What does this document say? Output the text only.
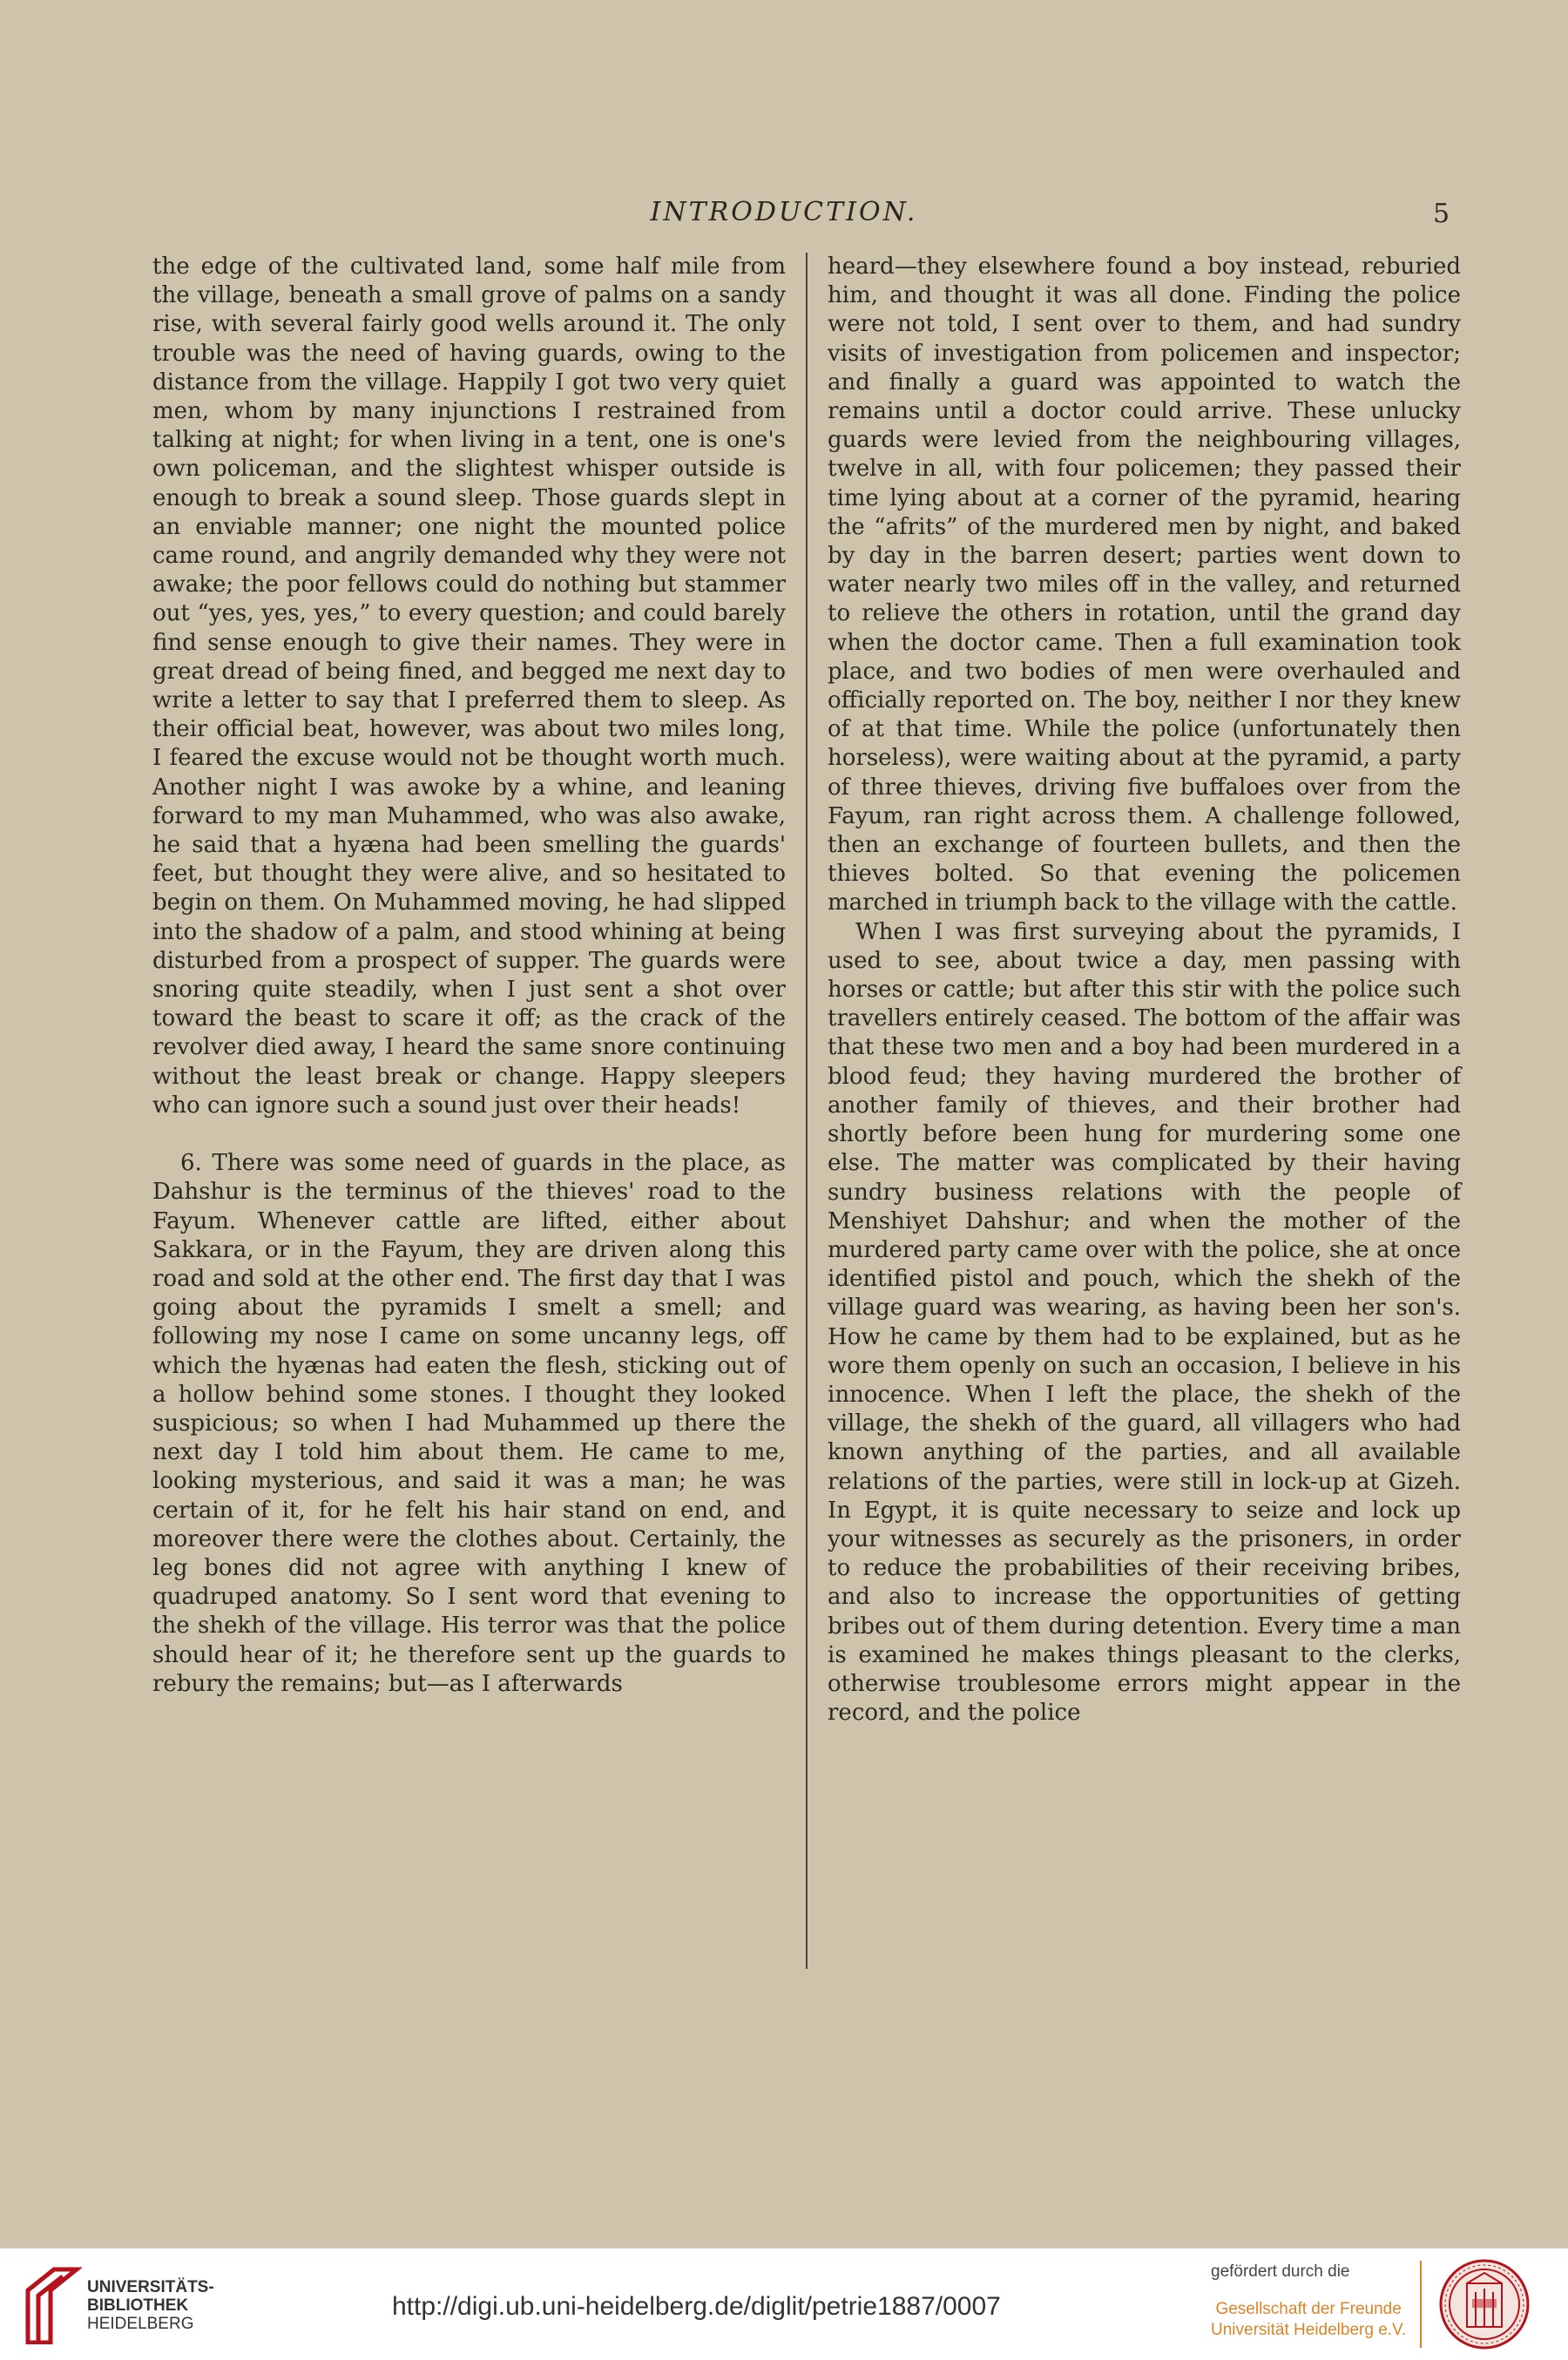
INTRODUCTION.	5

the edge of the cultivated land, some half mile from the village, beneath a small grove of palms on a sandy rise, with several fairly good wells around it. The only trouble was the need of having guards, owing to the distance from the village. Happily I got two very quiet men, whom by many injunctions I restrained from talking at night; for when living in a tent, one is one's own policeman, and the slightest whisper outside is enough to break a sound sleep. Those guards slept in an enviable manner; one night the mounted police came round, and angrily demanded why they were not awake; the poor fellows could do nothing but stammer out “yes, yes, yes,” to every question; and could barely find sense enough to give their names. They were in great dread of being fined, and begged me next day to write a letter to say that I preferred them to sleep. As their official beat, however, was about two miles long, I feared the excuse would not be thought worth much. Another night I was awoke by a whine, and leaning forward to my man Muhammed, who was also awake, he said that a hyæna had been smelling the guards' feet, but thought they were alive, and so hesitated to begin on them. On Muhammed moving, he had slipped into the shadow of a palm, and stood whining at being disturbed from a prospect of supper. The guards were snoring quite steadily, when I just sent a shot over toward the beast to scare it off; as the crack of the revolver died away, I heard the same snore continuing without the least break or change. Happy sleepers who can ignore such a sound just over their heads!

6. There was some need of guards in the place, as Dahshur is the terminus of the thieves' road to the Fayum. Whenever cattle are lifted, either about Sakkara, or in the Fayum, they are driven along this road and sold at the other end. The first day that I was going about the pyramids I smelt a smell; and following my nose I came on some uncanny legs, off which the hyænas had eaten the flesh, sticking out of a hollow behind some stones. I thought they looked suspicious; so when I had Muhammed up there the next day I told him about them. He came to me, looking mysterious, and said it was a man; he was certain of it, for he felt his hair stand on end, and moreover there were the clothes about. Certainly, the leg bones did not agree with anything I knew of quadruped anatomy. So I sent word that evening to the shekh of the village. His terror was that the police should hear of it; he therefore sent up the guards to rebury the remains; but—as I afterwards

heard—they elsewhere found a boy instead, reburied him, and thought it was all done. Finding the police were not told, I sent over to them, and had sundry visits of investigation from policemen and inspector; and finally a guard was appointed to watch the remains until a doctor could arrive. These unlucky guards were levied from the neighbouring villages, twelve in all, with four policemen; they passed their time lying about at a corner of the pyramid, hearing the “afrits” of the murdered men by night, and baked by day in the barren desert; parties went down to water nearly two miles off in the valley, and returned to relieve the others in rotation, until the grand day when the doctor came. Then a full examination took place, and two bodies of men were overhauled and officially reported on. The boy, neither I nor they knew of at that time. While the police (unfortunately then horseless), were waiting about at the pyramid, a party of three thieves, driving five buffaloes over from the Fayum, ran right across them. A challenge followed, then an exchange of fourteen bullets, and then the thieves bolted. So that evening the policemen marched in triumph back to the village with the cattle.

When I was first surveying about the pyramids, I used to see, about twice a day, men passing with horses or cattle; but after this stir with the police such travellers entirely ceased. The bottom of the affair was that these two men and a boy had been murdered in a blood feud; they having murdered the brother of another family of thieves, and their brother had shortly before been hung for murdering some one else. The matter was complicated by their having sundry business relations with the people of Menshiyet Dahshur; and when the mother of the murdered party came over with the police, she at once identified pistol and pouch, which the shekh of the village guard was wearing, as having been her son's. How he came by them had to be explained, but as he wore them openly on such an occasion, I believe in his innocence. When I left the place, the shekh of the village, the shekh of the guard, all villagers who had known anything of the parties, and all available relations of the parties, were still in lock-up at Gizeh. In Egypt, it is quite necessary to seize and lock up your witnesses as securely as the prisoners, in order to reduce the probabilities of their receiving bribes, and also to increase the opportunities of getting bribes out of them during detention. Every time a man is examined he makes things pleasant to the clerks, otherwise troublesome errors might appear in the record, and the police

UNIVERSITÄTS-
BIBLIOTHEK
HEIDELBERG
http://digi.ub.uni-heidelberg.de/diglit/petrie1887/0007
gefördert durch die
Gesellschaft der Freunde
Universität Heidelberg e.V.
